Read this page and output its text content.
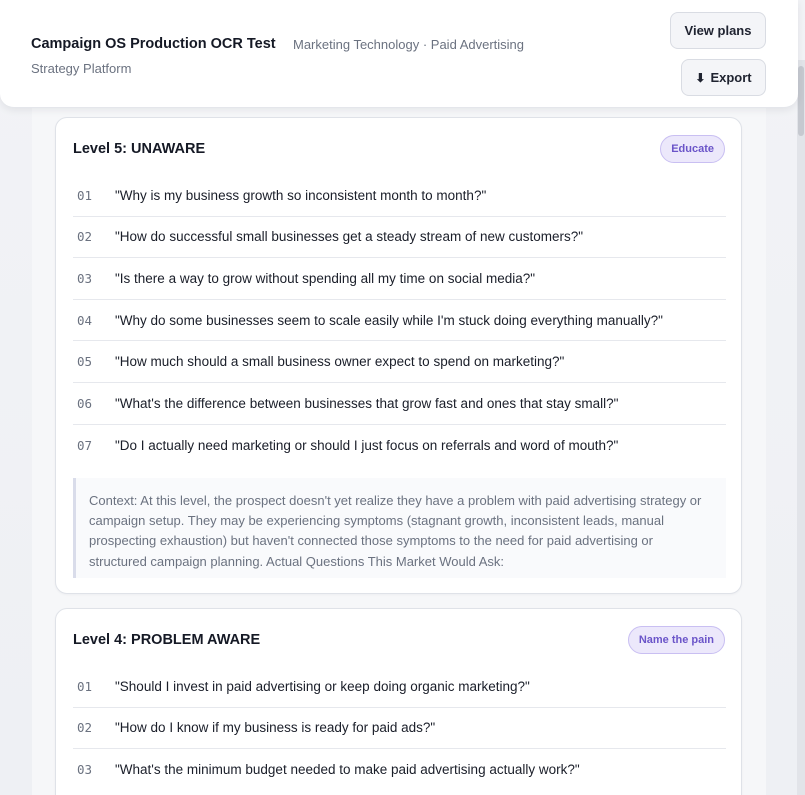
Campaign OS Production OCR Test Marketing Technology · Paid Advertising
Strategy Platform
View plans
⬇ Export
Level 5: UNAWARE	Educate
01	"Why is my business growth so inconsistent month to month?"
02	"How do successful small businesses get a steady stream of new customers?"
03	"Is there a way to grow without spending all my time on social media?"
04	"Why do some businesses seem to scale easily while I'm stuck doing everything manually?"
05	"How much should a small business owner expect to spend on marketing?"
06	"What's the difference between businesses that grow fast and ones that stay small?"
07	"Do I actually need marketing or should I just focus on referrals and word of mouth?"
Context: At this level, the prospect doesn't yet realize they have a problem with paid advertising strategy or campaign setup. They may be experiencing symptoms (stagnant growth, inconsistent leads, manual prospecting exhaustion) but haven't connected those symptoms to the need for paid advertising or structured campaign planning. Actual Questions This Market Would Ask:
Level 4: PROBLEM AWARE	Name the pain
01	"Should I invest in paid advertising or keep doing organic marketing?"
02	"How do I know if my business is ready for paid ads?"
03	"What's the minimum budget needed to make paid advertising actually work?"
